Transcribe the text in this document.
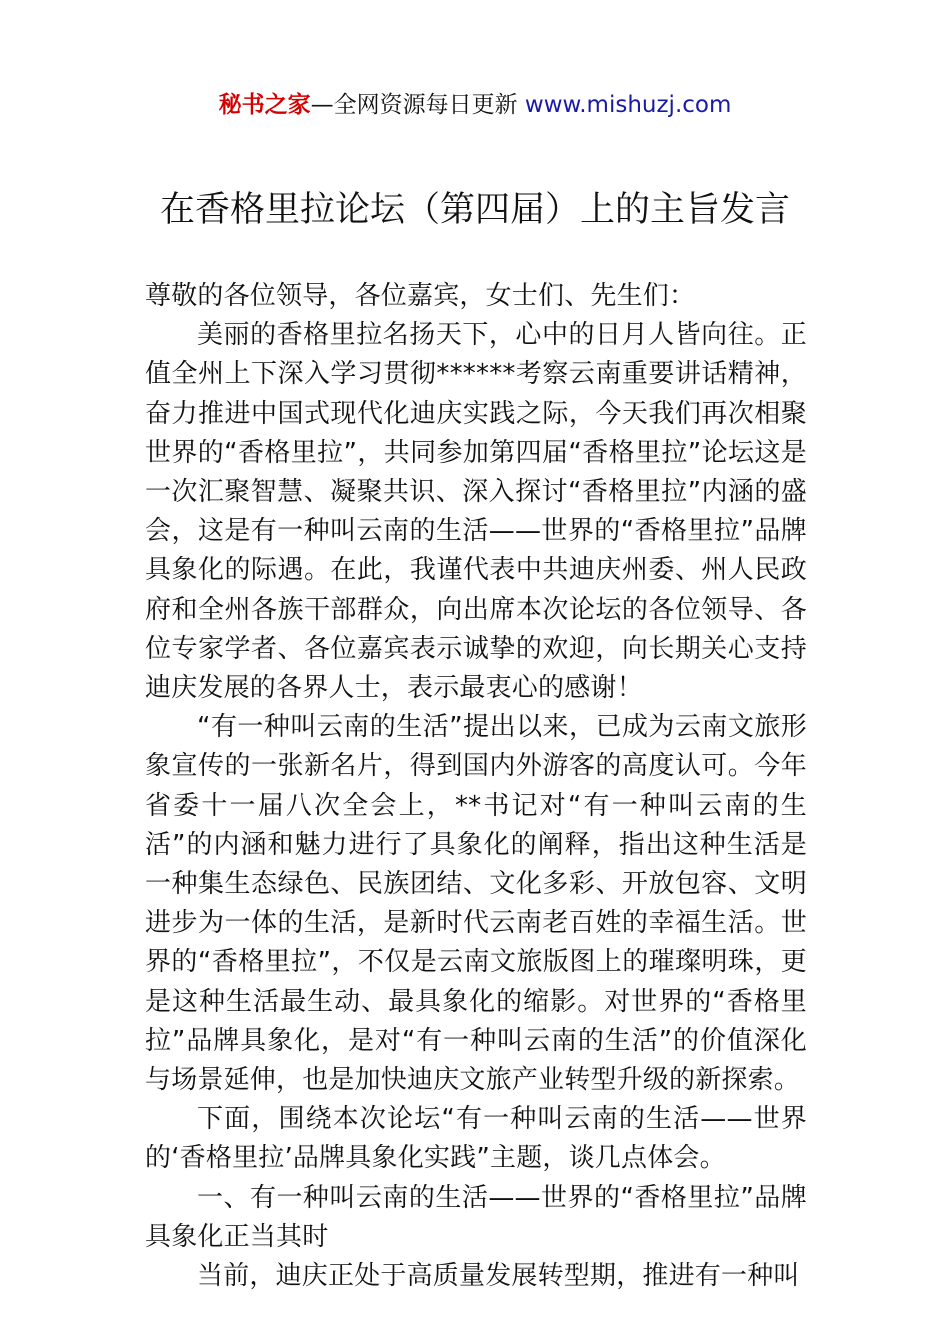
秘书之家—全网资源每日更新 www.mishuzj.com
在香格里拉论坛（第四届）上的主旨发言

尊敬的各位领导，各位嘉宾，女士们、先生们：

美丽的香格里拉名扬天下，心中的日月人皆向往。正值全州上下深入学习贯彻******考察云南重要讲话精神，奋力推进中国式现代化迪庆实践之际，今天我们再次相聚世界的“香格里拉”，共同参加第四届“香格里拉”论坛这是一次汇聚智慧、凝聚共识、深入探讨“香格里拉”内涵的盛会，这是有一种叫云南的生活——世界的“香格里拉”品牌具象化的际遇。在此，我谨代表中共迪庆州委、州人民政府和全州各族干部群众，向出席本次论坛的各位领导、各位专家学者、各位嘉宾表示诚挚的欢迎，向长期关心支持迪庆发展的各界人士，表示最衷心的感谢！

“有一种叫云南的生活”提出以来，已成为云南文旅形象宣传的一张新名片，得到国内外游客的高度认可。今年省委十一届八次全会上，**书记对“有一种叫云南的生活”的内涵和魅力进行了具象化的阐释，指出这种生活是一种集生态绿色、民族团结、文化多彩、开放包容、文明进步为一体的生活，是新时代云南老百姓的幸福生活。世界的“香格里拉”，不仅是云南文旅版图上的璀璨明珠，更是这种生活最生动、最具象化的缩影。对世界的“香格里拉”品牌具象化，是对“有一种叫云南的生活”的价值深化与场景延伸，也是加快迪庆文旅产业转型升级的新探索。

下面，围绕本次论坛“有一种叫云南的生活——世界的‘香格里拉’品牌具象化实践”主题，谈几点体会。

一、有一种叫云南的生活——世界的“香格里拉”品牌具象化正当其时

当前，迪庆正处于高质量发展转型期，推进有一种叫
